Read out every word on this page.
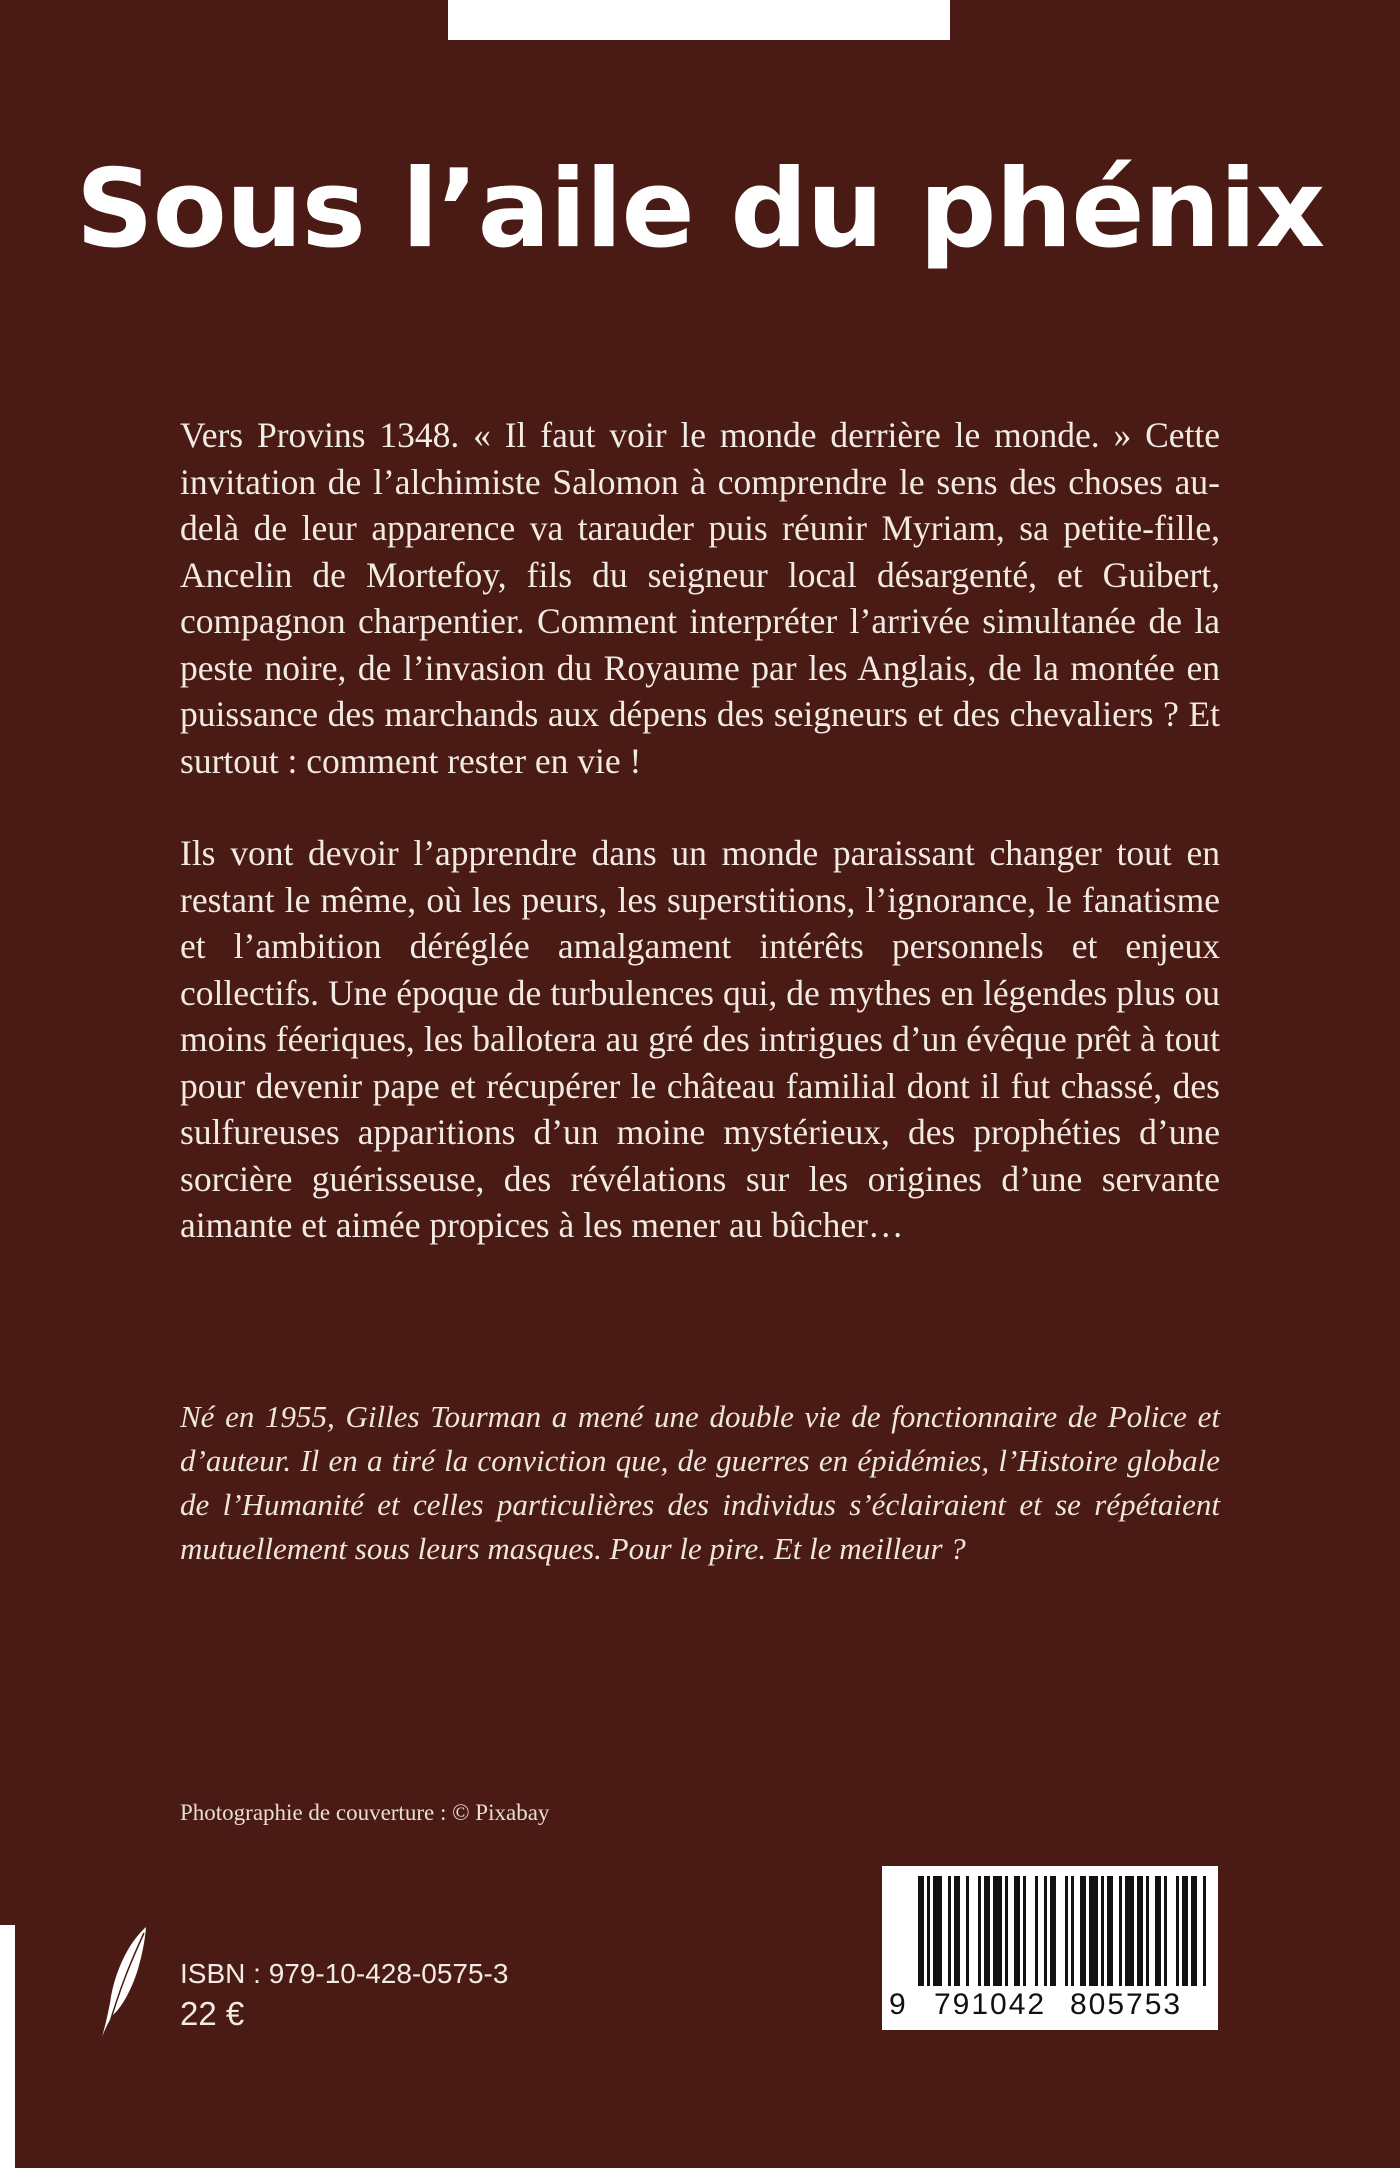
Sous l’aile du phénix

Vers Provins 1348. « Il faut voir le monde derrière le monde. » Cette invitation de l’alchimiste Salomon à comprendre le sens des choses au-delà de leur apparence va tarauder puis réunir Myriam, sa petite-fille, Ancelin de Mortefoy, fils du seigneur local désargenté, et Guibert, compagnon charpentier. Comment interpréter l’arrivée simultanée de la peste noire, de l’invasion du Royaume par les Anglais, de la montée en puissance des marchands aux dépens des seigneurs et des chevaliers ? Et surtout : comment rester en vie !

Ils vont devoir l’apprendre dans un monde paraissant changer tout en restant le même, où les peurs, les superstitions, l’ignorance, le fanatisme et l’ambition déréglée amalgament intérêts personnels et enjeux collectifs. Une époque de turbulences qui, de mythes en légendes plus ou moins féeriques, les ballotera au gré des intrigues d’un évêque prêt à tout pour devenir pape et récupérer le château familial dont il fut chassé, des sulfureuses apparitions d’un moine mystérieux, des prophéties d’une sorcière guérisseuse, des révélations sur les origines d’une servante aimante et aimée propices à les mener au bûcher…

Né en 1955, Gilles Tourman a mené une double vie de fonctionnaire de Police et d’auteur. Il en a tiré la conviction que, de guerres en épidémies, l’Histoire globale de l’Humanité et celles particulières des individus s’éclairaient et se répétaient mutuellement sous leurs masques. Pour le pire. Et le meilleur ?

Photographie de couverture : © Pixabay

ISBN : 979-10-428-0575-3

22 €	9 791042 805753
